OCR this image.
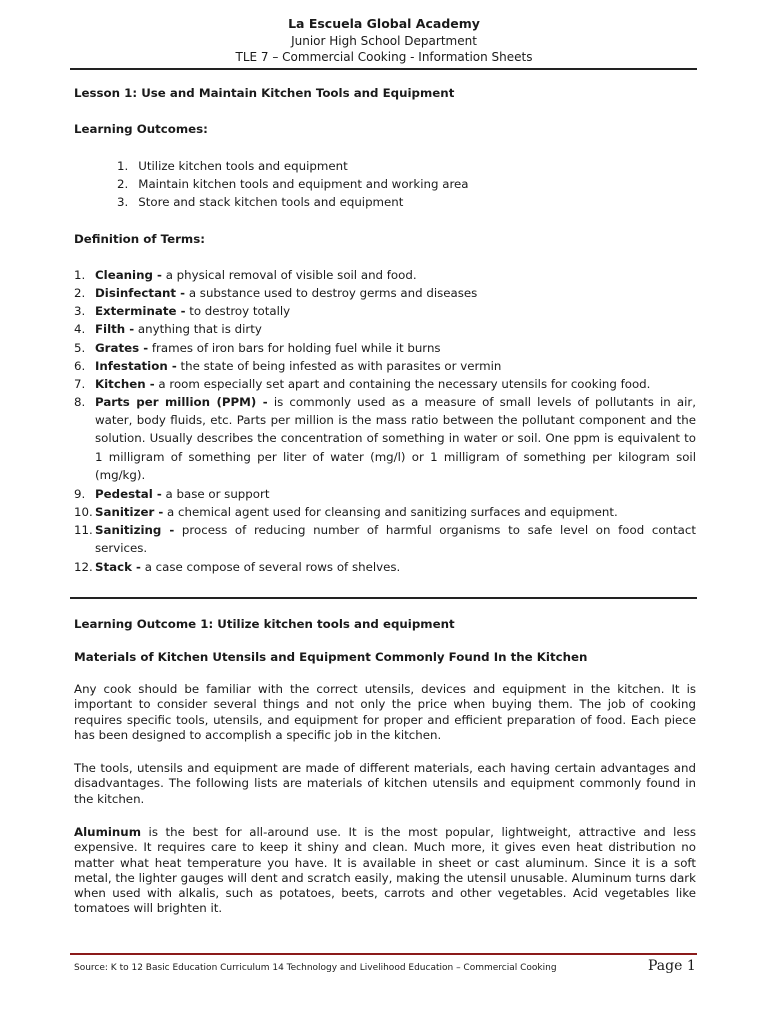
La Escuela Global Academy
Junior High School Department
TLE 7 – Commercial Cooking - Information Sheets
Lesson 1: Use and Maintain Kitchen Tools and Equipment
Learning Outcomes:
1. Utilize kitchen tools and equipment
2. Maintain kitchen tools and equipment and working area
3. Store and stack kitchen tools and equipment
Definition of Terms:
1. Cleaning - a physical removal of visible soil and food.
2. Disinfectant - a substance used to destroy germs and diseases
3. Exterminate - to destroy totally
4. Filth - anything that is dirty
5. Grates - frames of iron bars for holding fuel while it burns
6. Infestation - the state of being infested as with parasites or vermin
7. Kitchen - a room especially set apart and containing the necessary utensils for cooking food.
8. Parts per million (PPM) - is commonly used as a measure of small levels of pollutants in air, water, body fluids, etc. Parts per million is the mass ratio between the pollutant component and the solution. Usually describes the concentration of something in water or soil. One ppm is equivalent to 1 milligram of something per liter of water (mg/l) or 1 milligram of something per kilogram soil (mg/kg).
9. Pedestal - a base or support
10. Sanitizer - a chemical agent used for cleansing and sanitizing surfaces and equipment.
11. Sanitizing - process of reducing number of harmful organisms to safe level on food contact services.
12. Stack - a case compose of several rows of shelves.
Learning Outcome 1: Utilize kitchen tools and equipment
Materials of Kitchen Utensils and Equipment Commonly Found In the Kitchen
Any cook should be familiar with the correct utensils, devices and equipment in the kitchen. It is important to consider several things and not only the price when buying them. The job of cooking requires specific tools, utensils, and equipment for proper and efficient preparation of food. Each piece has been designed to accomplish a specific job in the kitchen.
The tools, utensils and equipment are made of different materials, each having certain advantages and disadvantages. The following lists are materials of kitchen utensils and equipment commonly found in the kitchen.
Aluminum is the best for all-around use. It is the most popular, lightweight, attractive and less expensive. It requires care to keep it shiny and clean. Much more, it gives even heat distribution no matter what heat temperature you have. It is available in sheet or cast aluminum. Since it is a soft metal, the lighter gauges will dent and scratch easily, making the utensil unusable. Aluminum turns dark when used with alkalis, such as potatoes, beets, carrots and other vegetables. Acid vegetables like tomatoes will brighten it.
Source: K to 12 Basic Education Curriculum 14 Technology and Livelihood Education – Commercial Cooking	Page 1
